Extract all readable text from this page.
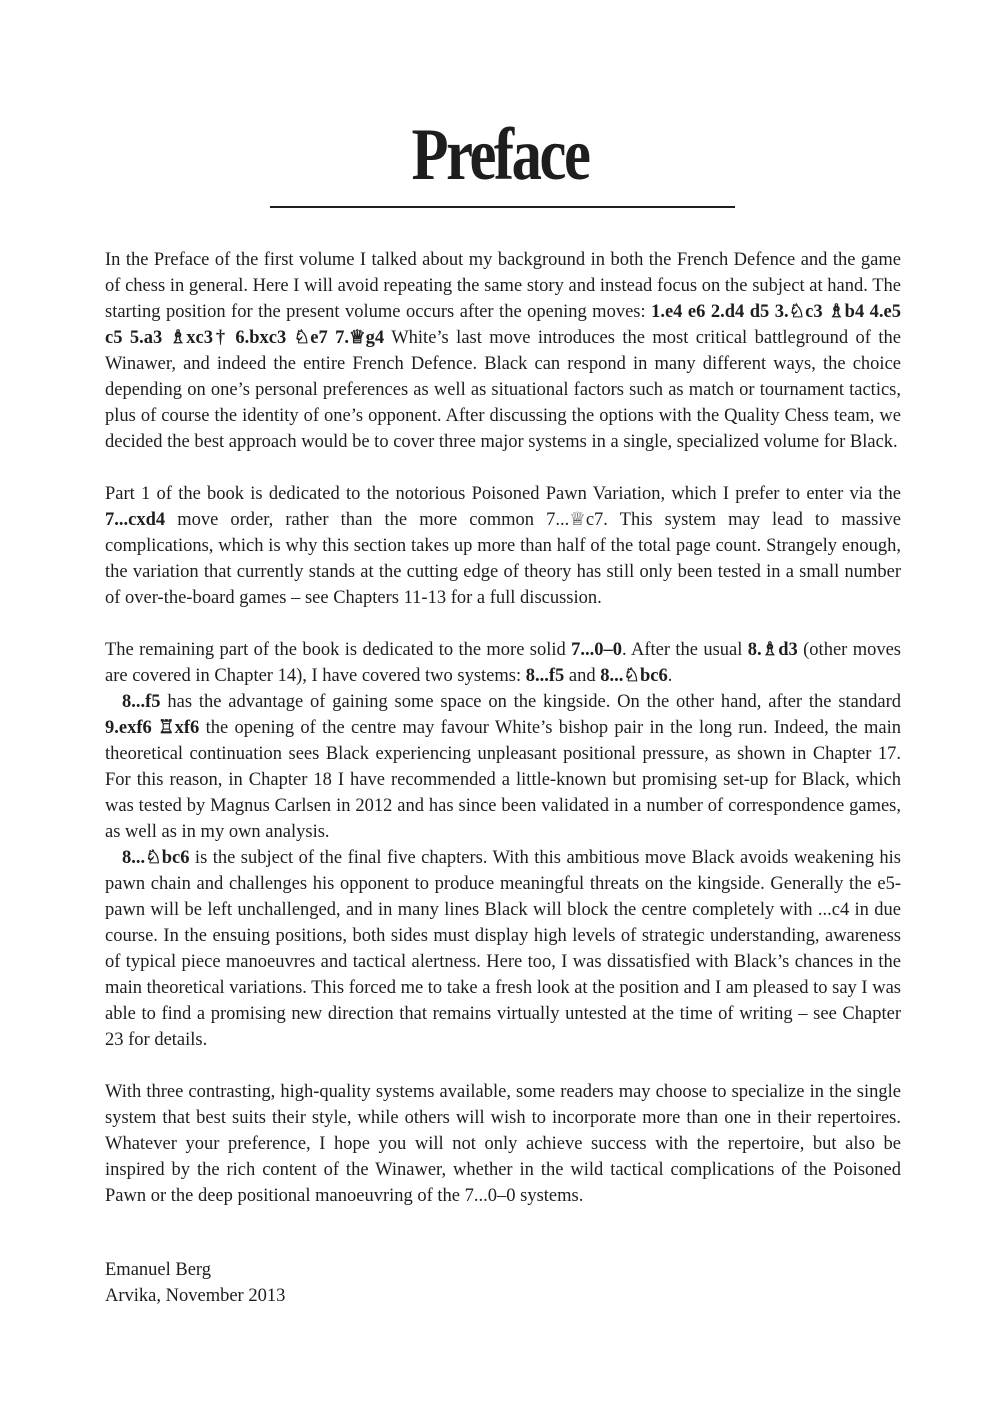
Preface

In the Preface of the first volume I talked about my background in both the French Defence and the game of chess in general. Here I will avoid repeating the same story and instead focus on the subject at hand. The starting position for the present volume occurs after the opening moves: 1.e4 e6 2.d4 d5 3.♘c3 ♗b4 4.e5 c5 5.a3 ♗xc3† 6.bxc3 ♘e7 7.♕g4 White’s last move introduces the most critical battleground of the Winawer, and indeed the entire French Defence. Black can respond in many different ways, the choice depending on one’s personal preferences as well as situational factors such as match or tournament tactics, plus of course the identity of one’s opponent. After discussing the options with the Quality Chess team, we decided the best approach would be to cover three major systems in a single, specialized volume for Black.

Part 1 of the book is dedicated to the notorious Poisoned Pawn Variation, which I prefer to enter via the 7...cxd4 move order, rather than the more common 7...♕c7. This system may lead to massive complications, which is why this section takes up more than half of the total page count. Strangely enough, the variation that currently stands at the cutting edge of theory has still only been tested in a small number of over-the-board games – see Chapters 11-13 for a full discussion.

The remaining part of the book is dedicated to the more solid 7...0–0. After the usual 8.♗d3 (other moves are covered in Chapter 14), I have covered two systems: 8...f5 and 8...♘bc6.

8...f5 has the advantage of gaining some space on the kingside. On the other hand, after the standard 9.exf6 ♖xf6 the opening of the centre may favour White’s bishop pair in the long run. Indeed, the main theoretical continuation sees Black experiencing unpleasant positional pressure, as shown in Chapter 17. For this reason, in Chapter 18 I have recommended a little-known but promising set-up for Black, which was tested by Magnus Carlsen in 2012 and has since been validated in a number of correspondence games, as well as in my own analysis.

8...♘bc6 is the subject of the final five chapters. With this ambitious move Black avoids weakening his pawn chain and challenges his opponent to produce meaningful threats on the kingside. Generally the e5-pawn will be left unchallenged, and in many lines Black will block the centre completely with ...c4 in due course. In the ensuing positions, both sides must display high levels of strategic understanding, awareness of typical piece manoeuvres and tactical alertness. Here too, I was dissatisfied with Black’s chances in the main theoretical variations. This forced me to take a fresh look at the position and I am pleased to say I was able to find a promising new direction that remains virtually untested at the time of writing – see Chapter 23 for details.

With three contrasting, high-quality systems available, some readers may choose to specialize in the single system that best suits their style, while others will wish to incorporate more than one in their repertoires. Whatever your preference, I hope you will not only achieve success with the repertoire, but also be inspired by the rich content of the Winawer, whether in the wild tactical complications of the Poisoned Pawn or the deep positional manoeuvring of the 7...0–0 systems.

Emanuel Berg
Arvika, November 2013
